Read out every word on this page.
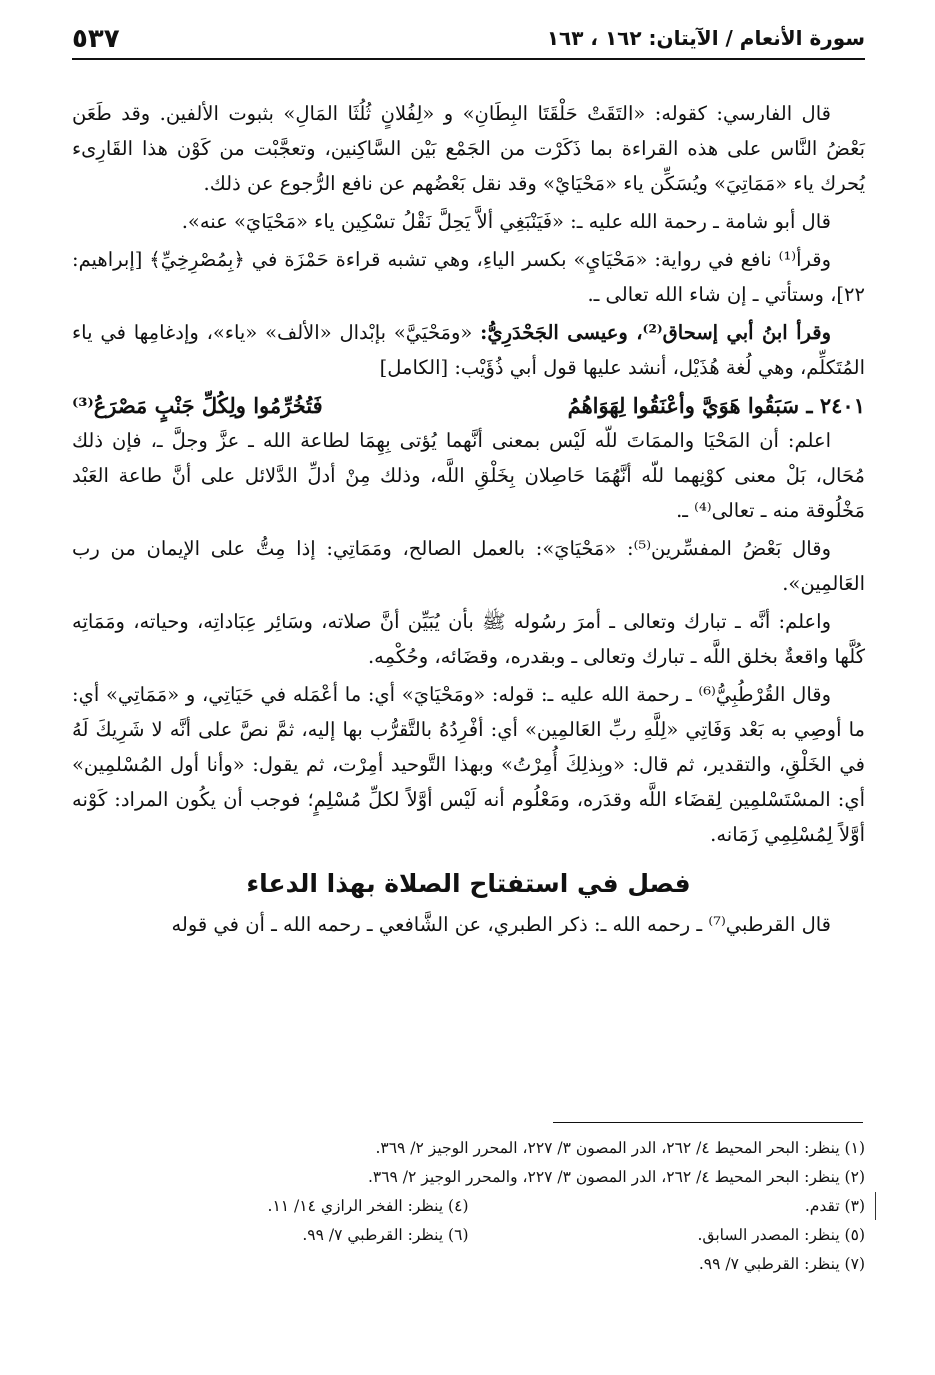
٥٣٧	سورة الأنعام / الآيتان: ١٦٢ ، ١٦٣

قال الفارسي: كقوله: «التَقَتْ حَلْقَتَا البِطَانِ» و «لِفُلانٍ ثُلُثَا المَالِ» بثبوت الألفين. وقد طَعَن بَعْضُ النَّاس على هذه القراءة بما ذَكَرْت من الجَمْع بَيْن السَّاكِنين، وتعجَّبْت من كَوْن هذا القَارِىء يُحرك ياء «مَمَاتِيَ» ويُسَكِّن ياء «مَحْيَايْ» وقد نقل بَعْضُهم عن نافع الرُّجوع عن ذلك.

قال أبو شامة ـ رحمة الله عليه ـ: «فَيَنْبَغِي ألاَّ يَحِلَّ نَقْلُ تسْكِين ياء «مَحْيَايَ» عنه».

وقرأ⁽¹⁾ نافع في رواية: «مَحْيَايِ» بكسر الياءِ، وهي تشبه قراءة حَمْزَة في ﴿بِمُصْرِخِيِّ﴾ [إبراهيم: ٢٢]، وستأتي ـ إن شاء الله تعالى ـ.

وقرأ ابنُ أبي إسحاق⁽²⁾، وعيسى الجَحْدَرِيُّ: «ومَحْيَيَّ» بإبْدال «الألف» «ياء»، وإدغامِها في ياء المُتَكلِّم، وهي لُغة هُذَيْل، أنشد عليها قول أبي ذُؤَيْب: [الكامل]

٢٤٠١ ـ سَبَقُوا هَوَيَّ وأعْنَقُوا لِهَوَاهُمُ
فَتُخُرِّمُوا ولِكُلِّ جَنْبٍ مَصْرَعُ⁽³⁾

اعلم: أن المَحْيَا والممَاتَ للّه لَيْس بمعنى أنَّهما يُؤتى بِهِمَا لطاعة الله ـ عزَّ وجلَّ ـ، فإن ذلك مُحَال، بَلْ معنى كوْنِهما للّه أنَّهُمَا حَاصِلان بِخَلْقِ اللَّه، وذلك مِنْ أدلِّ الدَّلائل على أنَّ طاعة العَبْد مَخْلُوقة منه ـ تعالى⁽⁴⁾ ـ.

وقال بَعْضُ المفسِّرين⁽⁵⁾: «مَحْيَايَ»: بالعمل الصالح، ومَمَاتِي: إذا مِتُّ على الإيمان من رب العَالمِين».

واعلم: أنَّه ـ تبارك وتعالى ـ أمرَ رسُوله ﷺ بأن يُبَيِّن أنَّ صلاته، وسَائِر عِبَاداتِه، وحياته، ومَمَاتِه كُلَّها واقعةٌ بخلق اللَّه ـ تبارك وتعالى ـ وبقدره، وقضَائه، وحُكْمِه.

وقال القُرْطُبِيُّ⁽⁶⁾ ـ رحمة الله عليه ـ: قوله: «ومَحْيَايَ» أي: ما أعْمَله في حَيَاتِي، و «مَمَاتِي» أي: ما أوصِي به بَعْد وَفَاتِي «لِلَّهِ ربِّ العَالمِين» أي: أفْرِدُهُ بالتَّقرُّب بها إليه، ثمَّ نصَّ على أنَّه لا شَرِيكَ لَهُ في الخَلْقِ، والتقدير، ثم قال: «وبِذلِكَ أُمِرْتُ» وبهذا التَّوحيد أمِرْت، ثم يقول: «وأنا أول المُسْلمِين» أي: المسْتَسْلمِين لِقضَاء اللَّه وقدَره، ومَعْلُوم أنه لَيْس أوَّلاً لكلِّ مُسْلِمٍ؛ فوجب أن يكُون المراد: كَوْنه أوَّلاً لِمُسْلِمِي زَمَانه.

فصل في استفتاح الصلاة بهذا الدعاء

قال القرطبي⁽⁷⁾ ـ رحمه الله ـ: ذكر الطبري، عن الشَّافعي ـ رحمه الله ـ أن في قوله

(١) ينظر: البحر المحيط ٤/ ٢٦٢، الدر المصون ٣/ ٢٢٧، المحرر الوجيز ٢/ ٣٦٩.
(٢) ينظر: البحر المحيط ٤/ ٢٦٢، الدر المصون ٣/ ٢٢٧، والمحرر الوجيز ٢/ ٣٦٩.
(٣) تقدم.
(٤) ينظر: الفخر الرازي ١٤/ ١١.
(٥) ينظر: المصدر السابق.
(٦) ينظر: القرطبي ٧/ ٩٩.
(٧) ينظر: القرطبي ٧/ ٩٩.
